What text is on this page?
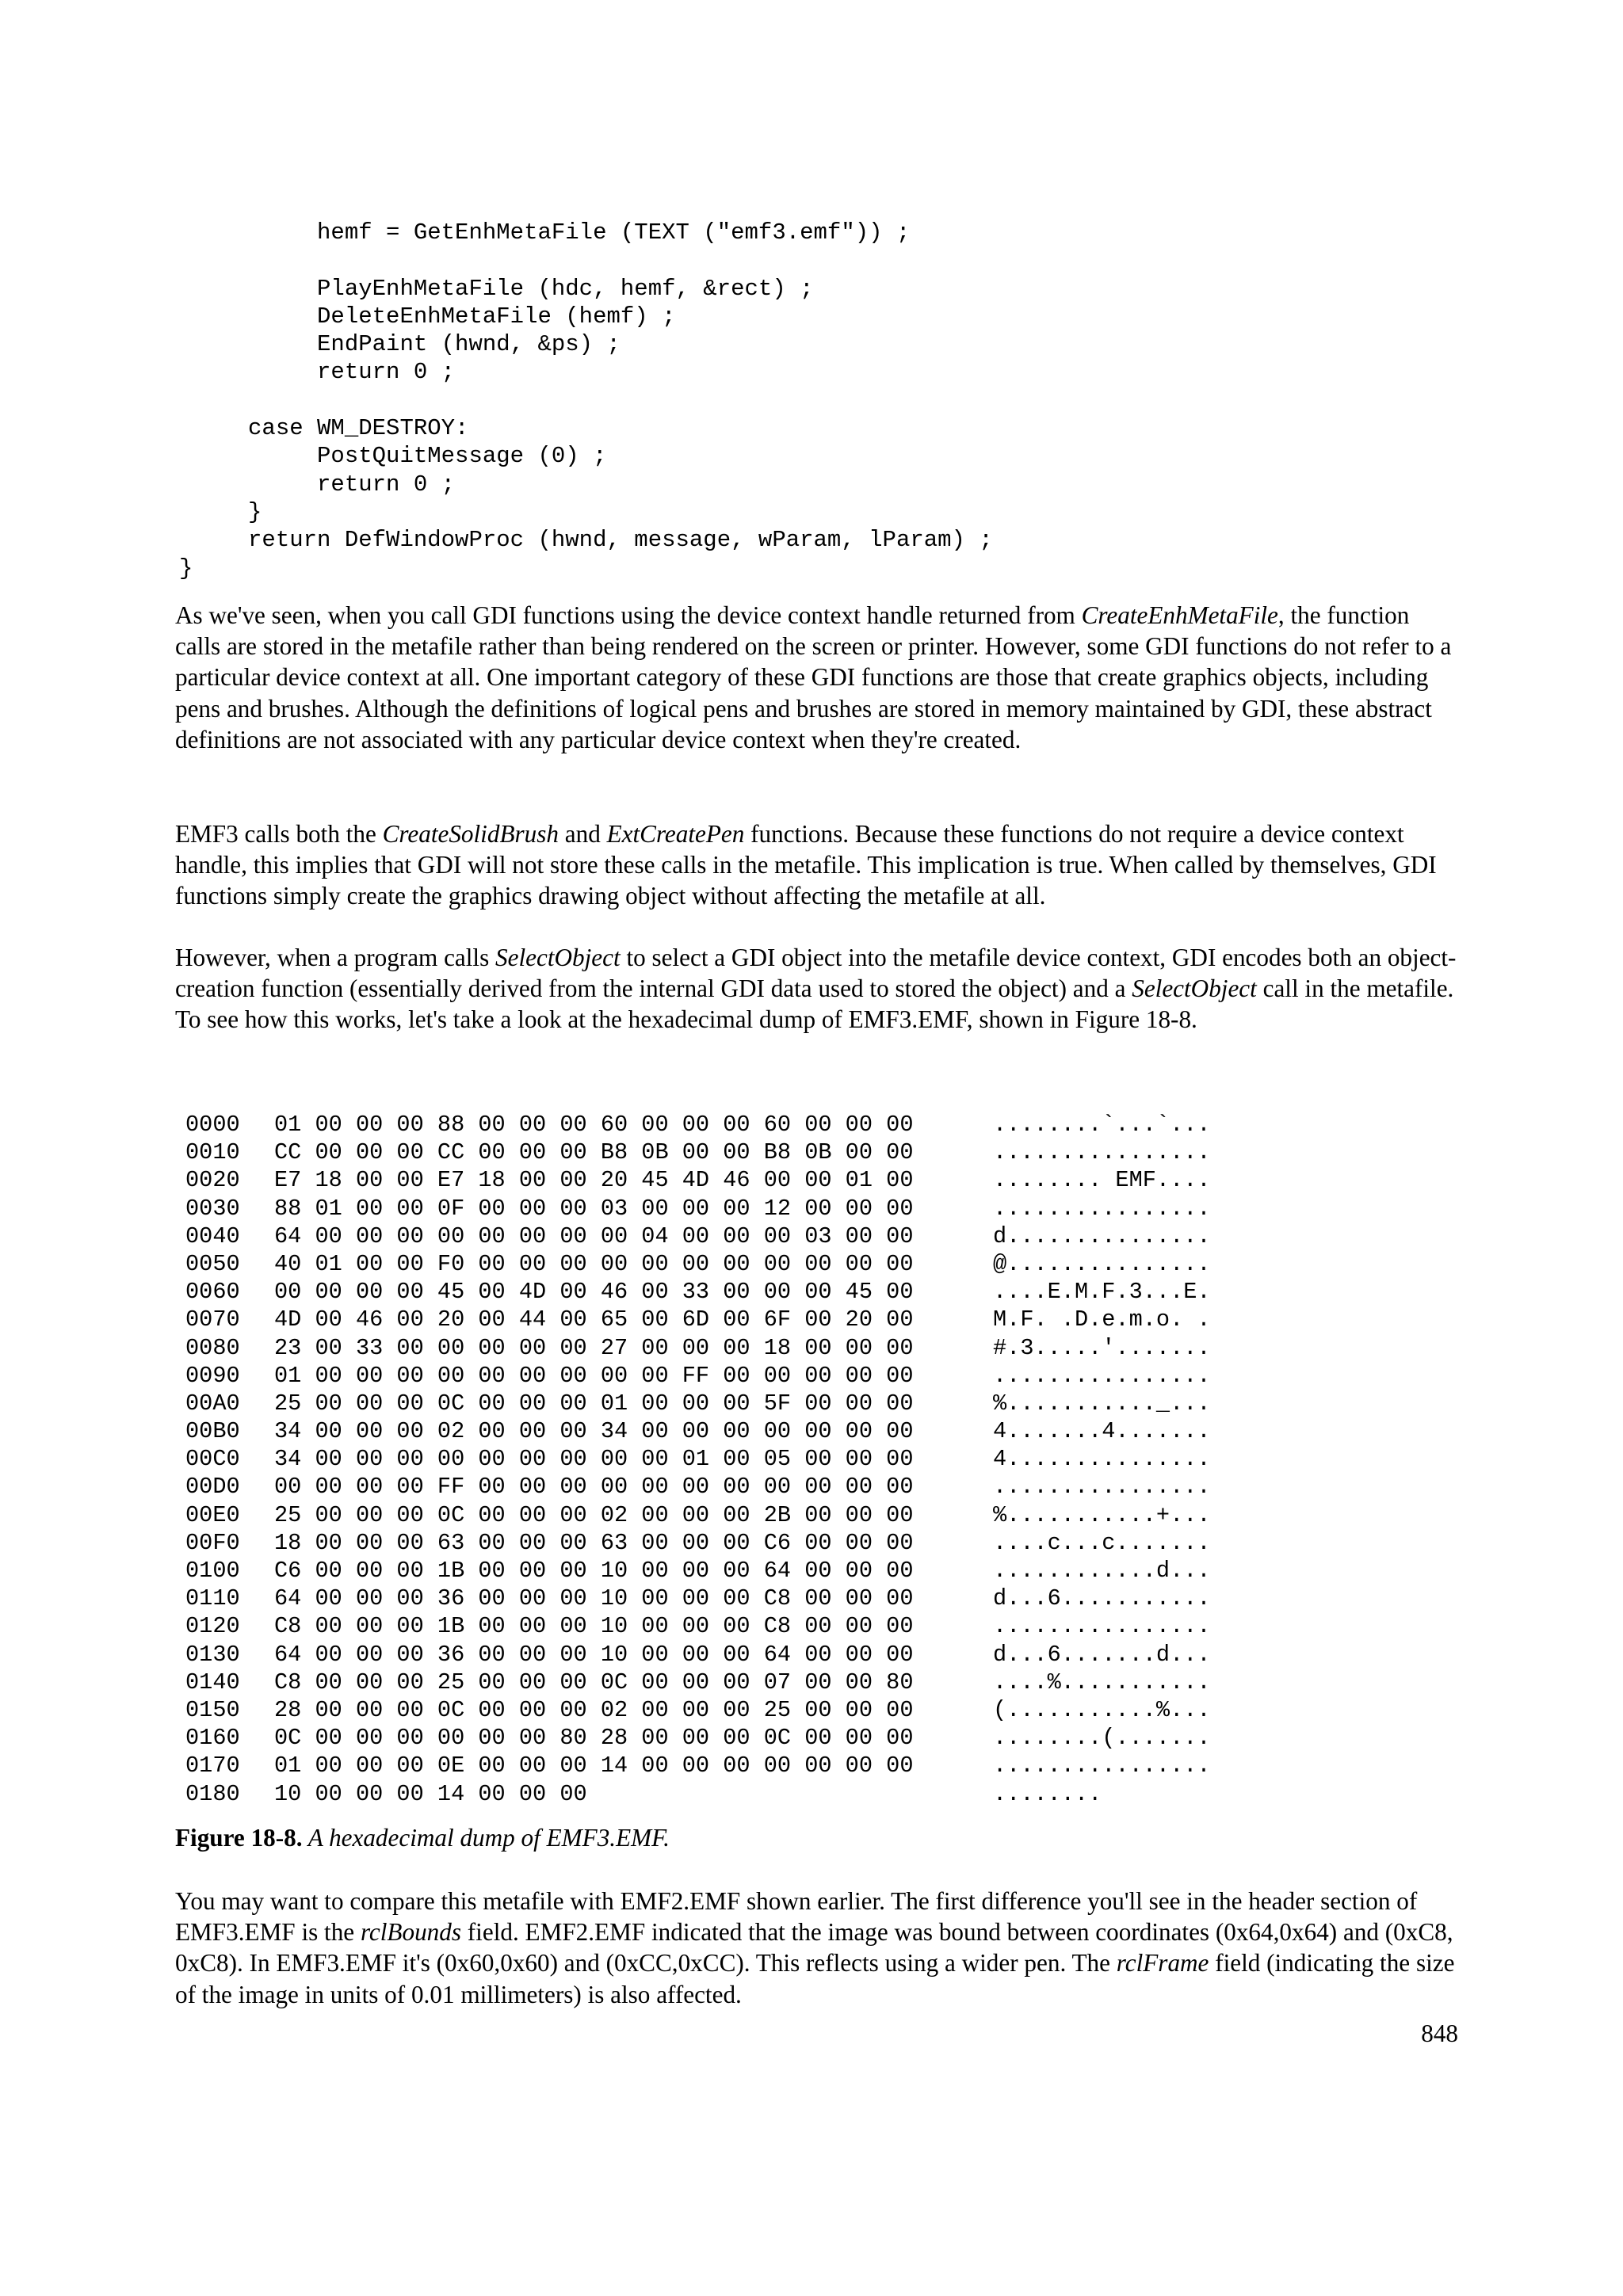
hemf = GetEnhMetaFile (TEXT ("emf3.emf")) ;
PlayEnhMetaFile (hdc, hemf, &rect) ;
DeleteEnhMetaFile (hemf) ;
EndPaint (hwnd, &ps) ;
return 0 ;
case WM_DESTROY:
PostQuitMessage (0) ;
return 0 ;
}
return DefWindowProc (hwnd, message, wParam, lParam) ;
}

As we've seen, when you call GDI functions using the device context handle returned from CreateEnhMetaFile, the function calls are stored in the metafile rather than being rendered on the screen or printer. However, some GDI functions do not refer to a particular device context at all. One important category of these GDI functions are those that create graphics objects, including pens and brushes. Although the definitions of logical pens and brushes are stored in memory maintained by GDI, these abstract definitions are not associated with any particular device context when they're created.

EMF3 calls both the CreateSolidBrush and ExtCreatePen functions. Because these functions do not require a device context handle, this implies that GDI will not store these calls in the metafile. This implication is true. When called by themselves, GDI functions simply create the graphics drawing object without affecting the metafile at all.

However, when a program calls SelectObject to select a GDI object into the metafile device context, GDI encodes both an object-creation function (essentially derived from the internal GDI data used to stored the object) and a SelectObject call in the metafile. To see how this works, let's take a look at the hexadecimal dump of EMF3.EMF, shown in Figure 18-8.

0000 01 00 00 00 88 00 00 00 60 00 00 00 60 00 00 00	........`...`...
0010 CC 00 00 00 CC 00 00 00 B8 0B 00 00 B8 0B 00 00	................
0020 E7 18 00 00 E7 18 00 00 20 45 4D 46 00 00 01 00	........ EMF....
0030 88 01 00 00 0F 00 00 00 03 00 00 00 12 00 00 00	................
0040 64 00 00 00 00 00 00 00 00 04 00 00 00 03 00 00	d...............
0050 40 01 00 00 F0 00 00 00 00 00 00 00 00 00 00 00	@...............
0060 00 00 00 00 45 00 4D 00 46 00 33 00 00 00 45 00	....E.M.F.3...E.
0070 4D 00 46 00 20 00 44 00 65 00 6D 00 6F 00 20 00	M.F. .D.e.m.o. .
0080 23 00 33 00 00 00 00 00 27 00 00 00 18 00 00 00	#.3.....'.......
0090 01 00 00 00 00 00 00 00 00 00 FF 00 00 00 00 00	................
00A0 25 00 00 00 0C 00 00 00 01 00 00 00 5F 00 00 00	%..........._...
00B0 34 00 00 00 02 00 00 00 34 00 00 00 00 00 00 00	4.......4.......
00C0 34 00 00 00 00 00 00 00 00 00 01 00 05 00 00 00	4...............
00D0 00 00 00 00 FF 00 00 00 00 00 00 00 00 00 00 00	................
00E0 25 00 00 00 0C 00 00 00 02 00 00 00 2B 00 00 00	%...........+...
00F0 18 00 00 00 63 00 00 00 63 00 00 00 C6 00 00 00	....c...c.......
0100 C6 00 00 00 1B 00 00 00 10 00 00 00 64 00 00 00	............d...
0110 64 00 00 00 36 00 00 00 10 00 00 00 C8 00 00 00	d...6...........
0120 C8 00 00 00 1B 00 00 00 10 00 00 00 C8 00 00 00	................
0130 64 00 00 00 36 00 00 00 10 00 00 00 64 00 00 00	d...6.......d...
0140 C8 00 00 00 25 00 00 00 0C 00 00 00 07 00 00 80	....%...........
0150 28 00 00 00 0C 00 00 00 02 00 00 00 25 00 00 00	(...........%...
0160 0C 00 00 00 00 00 00 80 28 00 00 00 0C 00 00 00	........(.......
0170 01 00 00 00 0E 00 00 00 14 00 00 00 00 00 00 00	................
0180 10 00 00 00 14 00 00 00	........

Figure 18-8. A hexadecimal dump of EMF3.EMF.

You may want to compare this metafile with EMF2.EMF shown earlier. The first difference you'll see in the header section of EMF3.EMF is the rclBounds field. EMF2.EMF indicated that the image was bound between coordinates (0x64,0x64) and (0xC8, 0xC8). In EMF3.EMF it's (0x60,0x60) and (0xCC,0xCC). This reflects using a wider pen. The rclFrame field (indicating the size of the image in units of 0.01 millimeters) is also affected.

848
